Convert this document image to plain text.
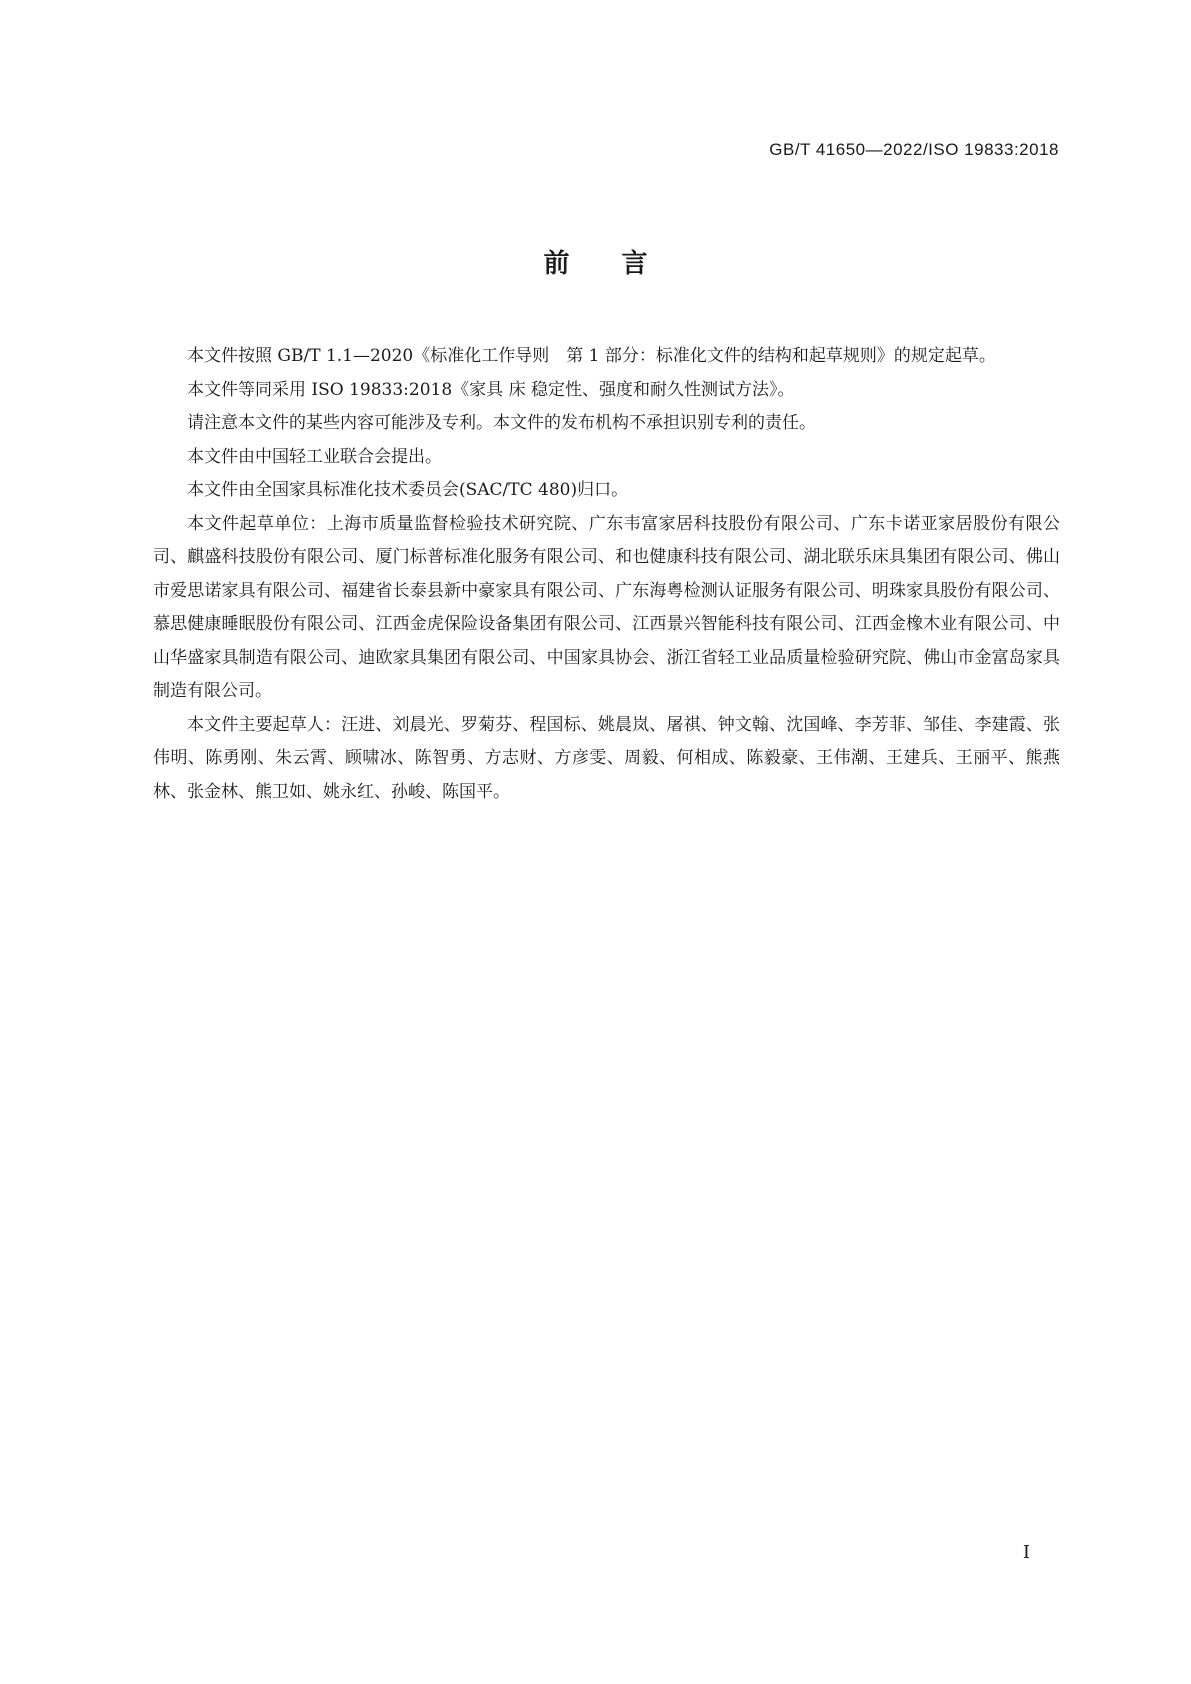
GB/T 41650—2022/ISO 19833:2018
前言

本文件按照 GB/T 1.1—2020《标准化工作导则　第 1 部分：标准化文件的结构和起草规则》的规定起草。

本文件等同采用 ISO 19833:2018《家具 床 稳定性、强度和耐久性测试方法》。

请注意本文件的某些内容可能涉及专利。本文件的发布机构不承担识别专利的责任。

本文件由中国轻工业联合会提出。

本文件由全国家具标准化技术委员会(SAC/TC 480)归口。

本文件起草单位：上海市质量监督检验技术研究院、广东韦富家居科技股份有限公司、广东卡诺亚家居股份有限公司、麒盛科技股份有限公司、厦门标普标准化服务有限公司、和也健康科技有限公司、湖北联乐床具集团有限公司、佛山市爱思诺家具有限公司、福建省长泰县新中豪家具有限公司、广东海粤检测认证服务有限公司、明珠家具股份有限公司、慕思健康睡眠股份有限公司、江西金虎保险设备集团有限公司、江西景兴智能科技有限公司、江西金橡木业有限公司、中山华盛家具制造有限公司、迪欧家具集团有限公司、中国家具协会、浙江省轻工业品质量检验研究院、佛山市金富岛家具制造有限公司。

本文件主要起草人：汪进、刘晨光、罗菊芬、程国标、姚晨岚、屠祺、钟文翰、沈国峰、李芳菲、邹佳、李建霞、张伟明、陈勇刚、朱云霄、顾啸冰、陈智勇、方志财、方彦雯、周毅、何相成、陈毅豪、王伟潮、王建兵、王丽平、熊燕林、张金林、熊卫如、姚永红、孙峻、陈国平。

I
